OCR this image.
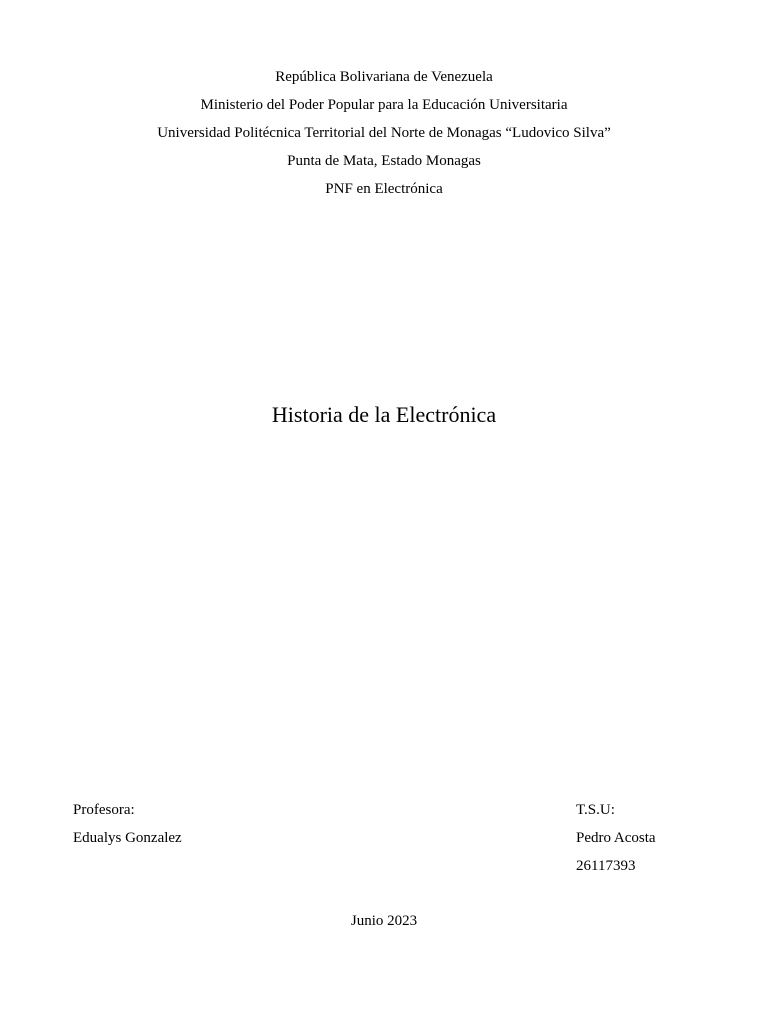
República Bolivariana de Venezuela
Ministerio del Poder Popular para la Educación Universitaria
Universidad Politécnica Territorial del Norte de Monagas “Ludovico Silva”
Punta de Mata, Estado Monagas
PNF en Electrónica
Historia de la Electrónica
Profesora:
Edualys Gonzalez
T.S.U:
Pedro Acosta
26117393
Junio 2023
